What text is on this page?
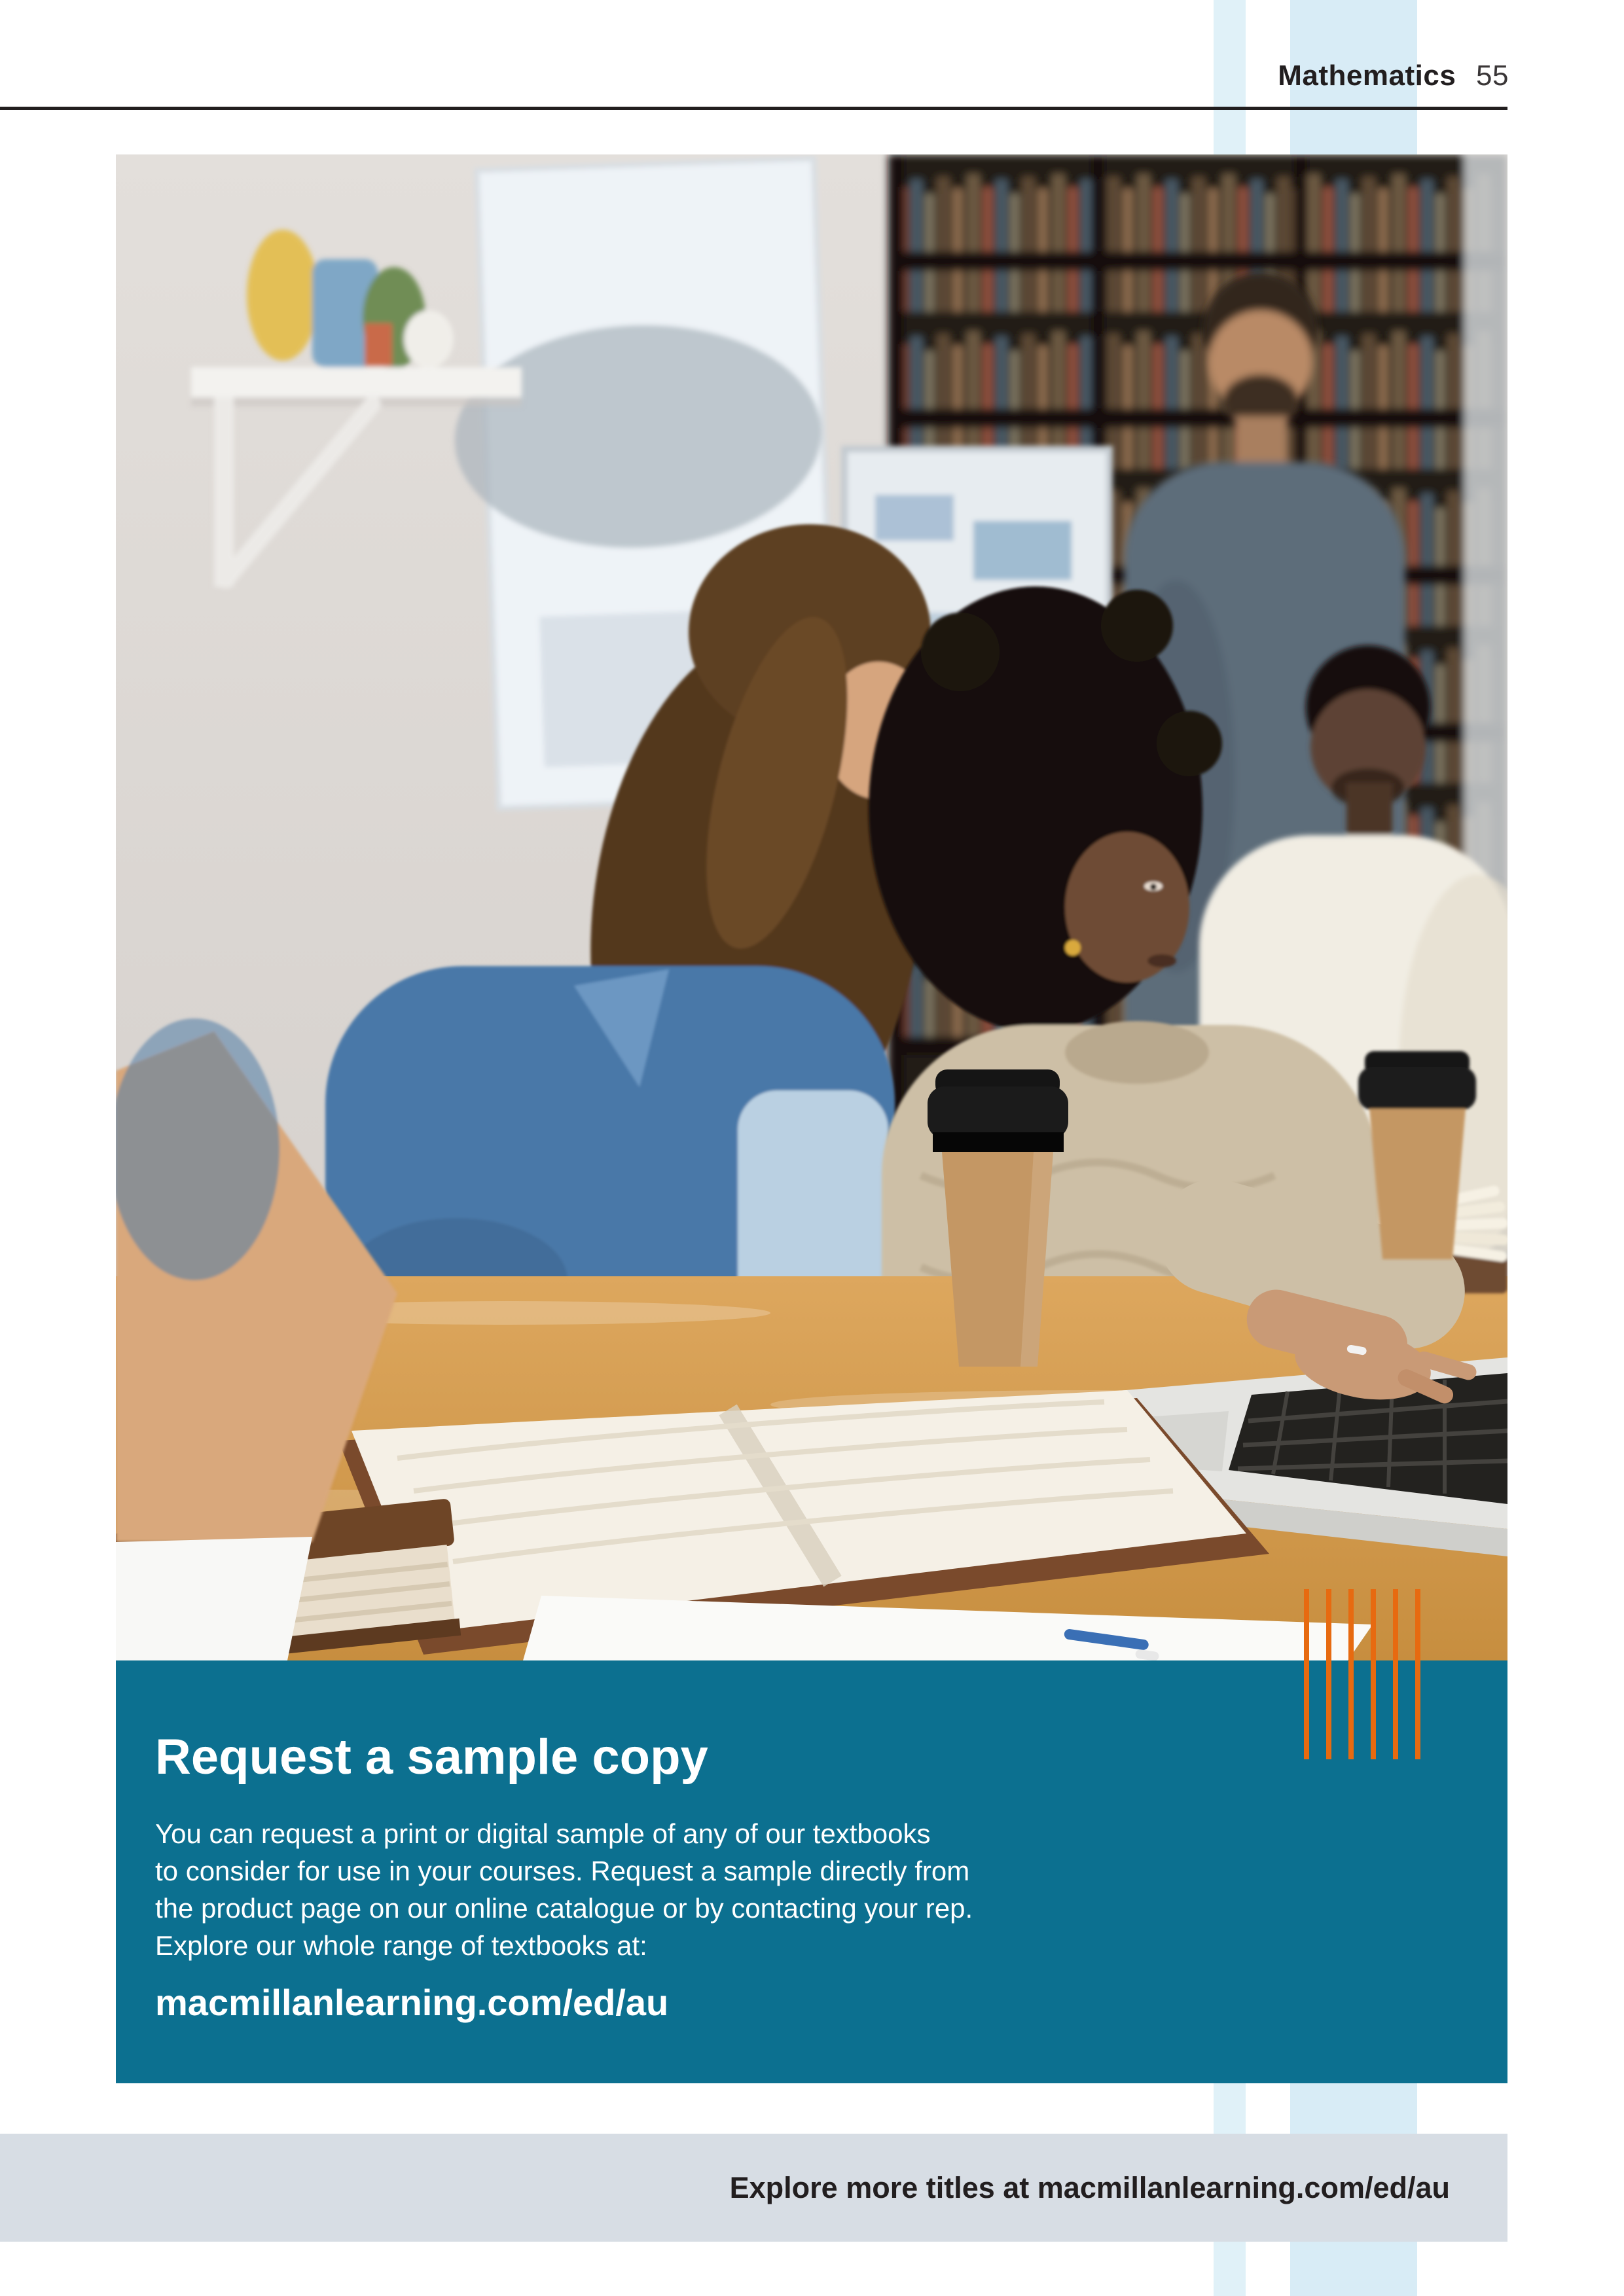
Mathematics 55
Request a sample copy
You can request a print or digital sample of any of our textbooks
to consider for use in your courses. Request a sample directly from
the product page on our online catalogue or by contacting your rep.
Explore our whole range of textbooks at:
macmillanlearning.com/ed/au
Explore more titles at macmillanlearning.com/ed/au
